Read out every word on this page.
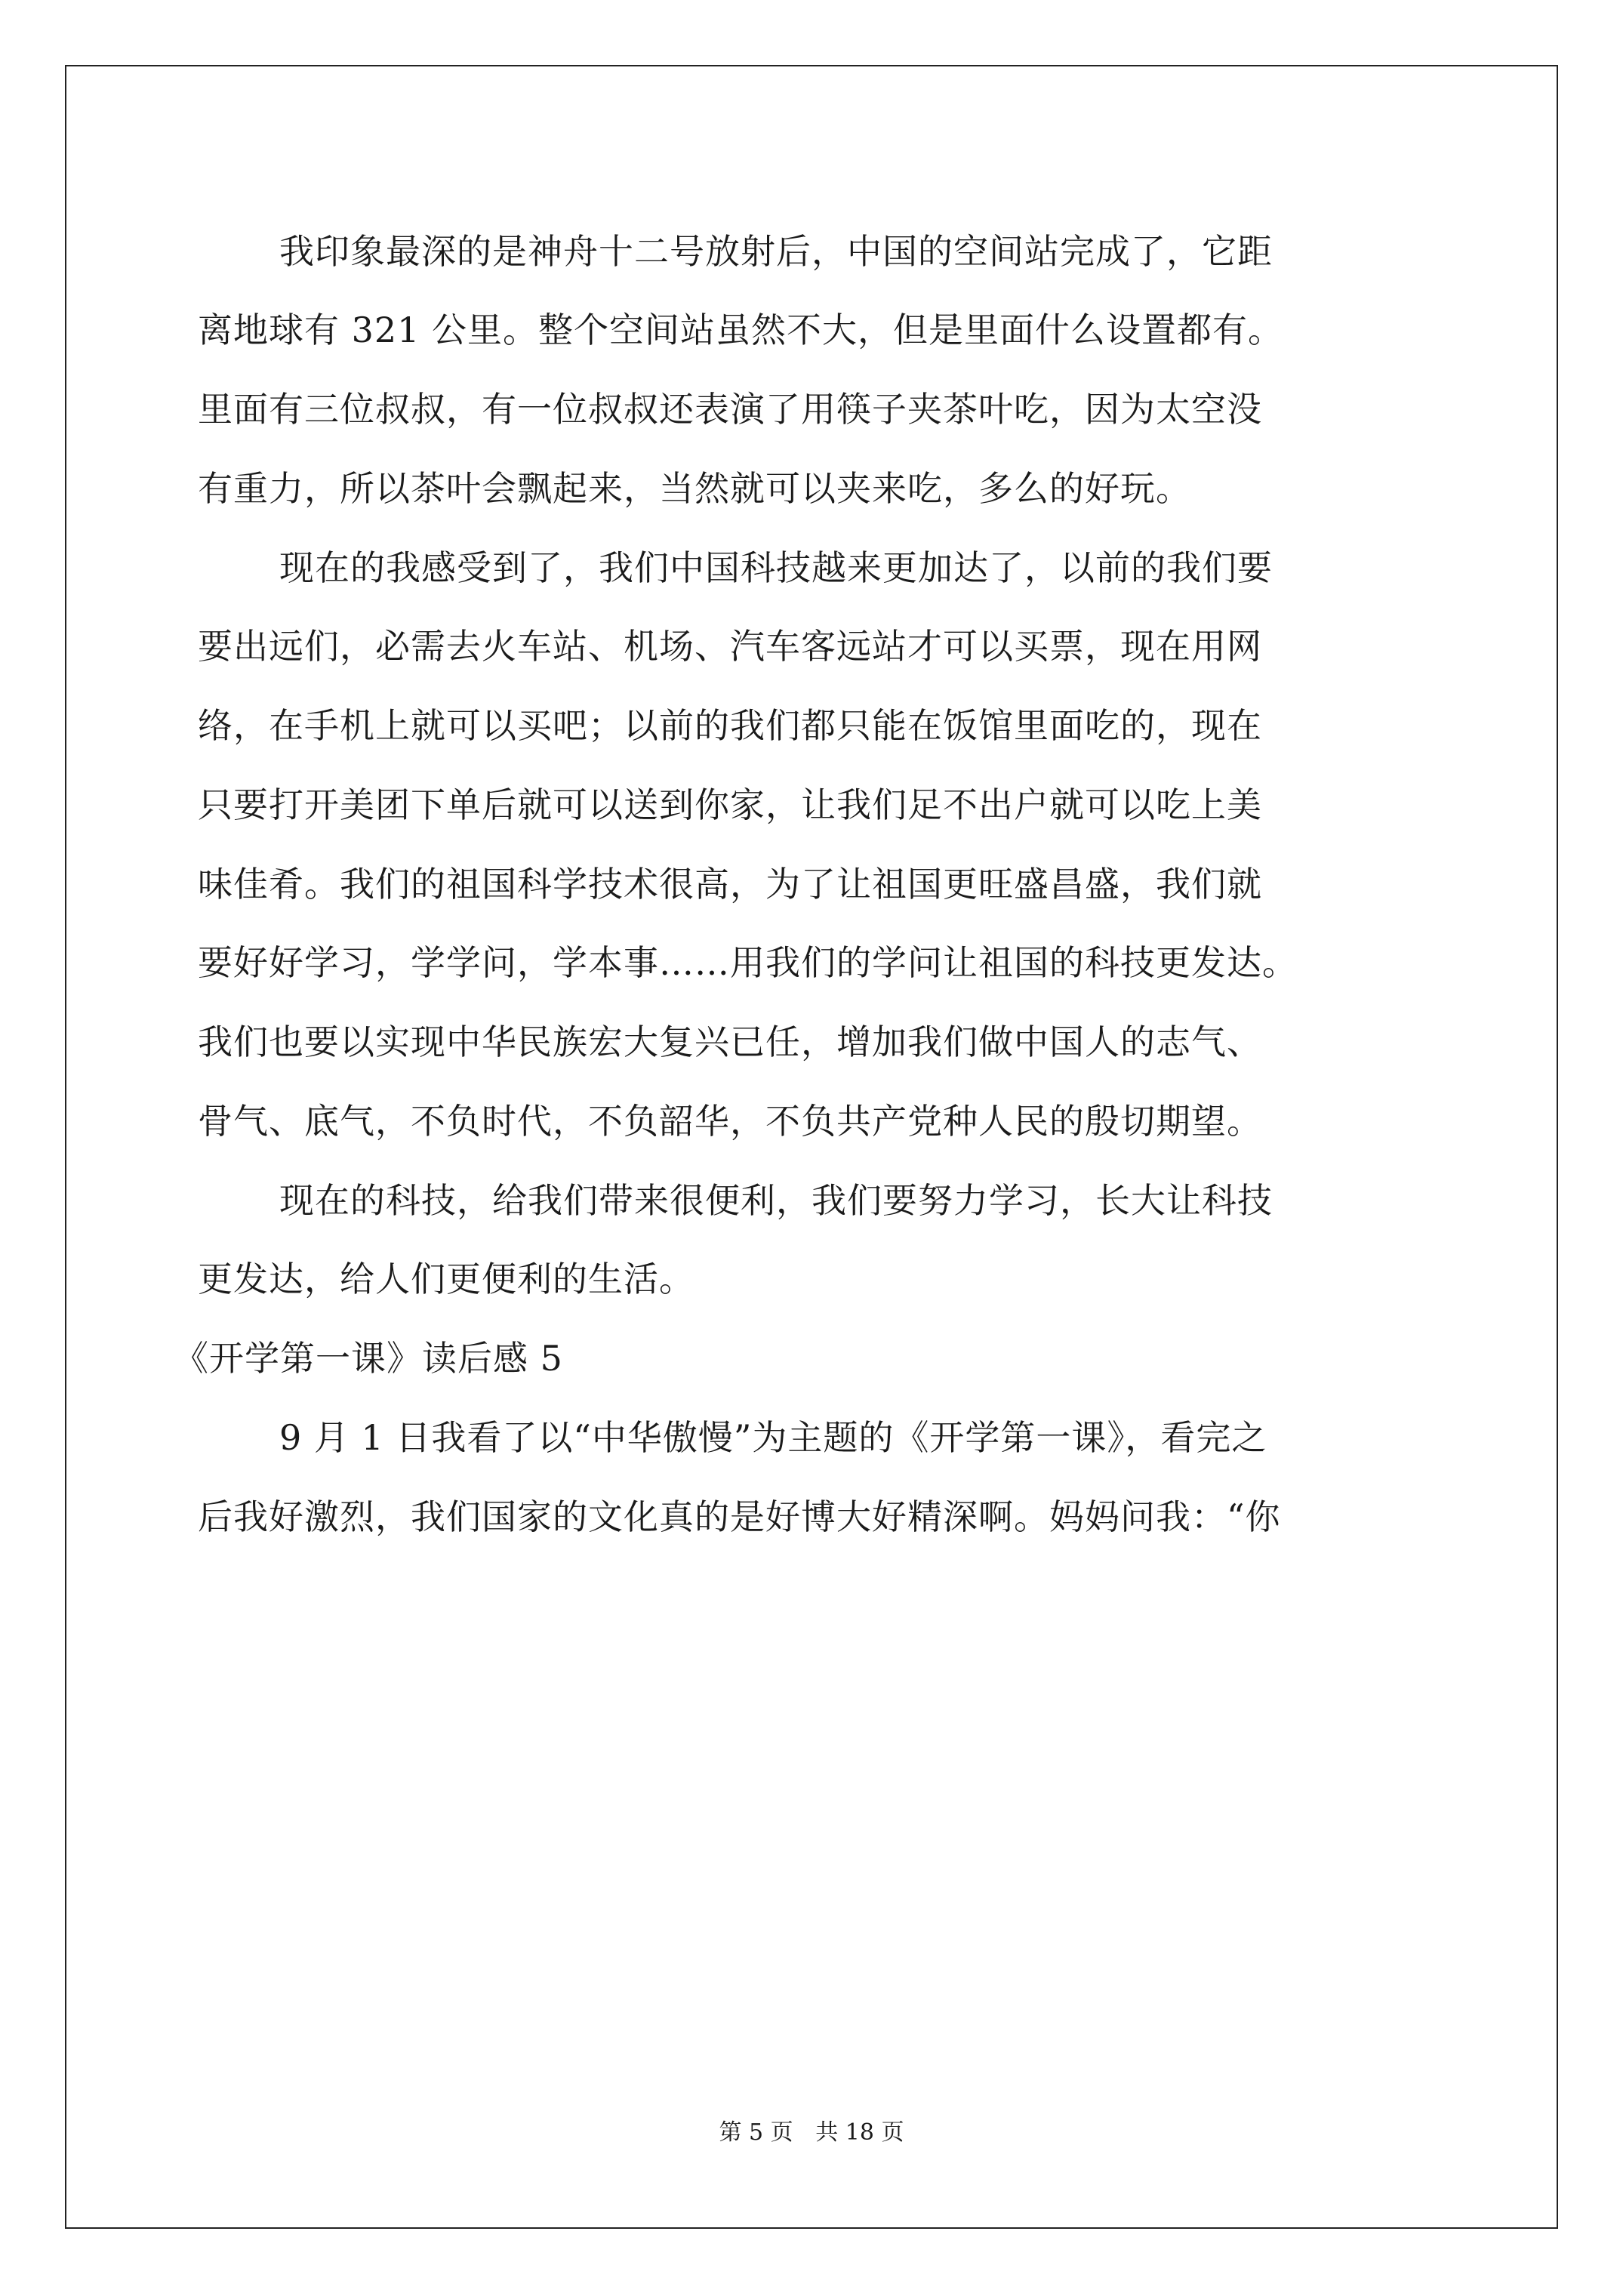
我印象最深的是神舟十二号放射后，中国的空间站完成了，它距
离地球有 321 公里。整个空间站虽然不大，但是里面什么设置都有。
里面有三位叔叔，有一位叔叔还表演了用筷子夹茶叶吃，因为太空没
有重力，所以茶叶会飘起来，当然就可以夹来吃，多么的好玩。
现在的我感受到了，我们中国科技越来更加达了，以前的我们要
要出远们，必需去火车站、机场、汽车客远站才可以买票，现在用网
络，在手机上就可以买吧；以前的我们都只能在饭馆里面吃的，现在
只要打开美团下单后就可以送到你家，让我们足不出户就可以吃上美
味佳肴。我们的祖国科学技术很高，为了让祖国更旺盛昌盛，我们就
要好好学习，学学问，学本事……用我们的学问让祖国的科技更发达。
我们也要以实现中华民族宏大复兴已任，增加我们做中国人的志气、
骨气、底气，不负时代，不负韶华，不负共产党种人民的殷切期望。
现在的科技，给我们带来很便利，我们要努力学习，长大让科技
更发达，给人们更便利的生活。
《开学第一课》读后感 5
9 月 1 日我看了以“中华傲慢”为主题的《开学第一课》，看完之
后我好激烈，我们国家的文化真的是好博大好精深啊。妈妈问我：“你
第 5 页 共 18 页
